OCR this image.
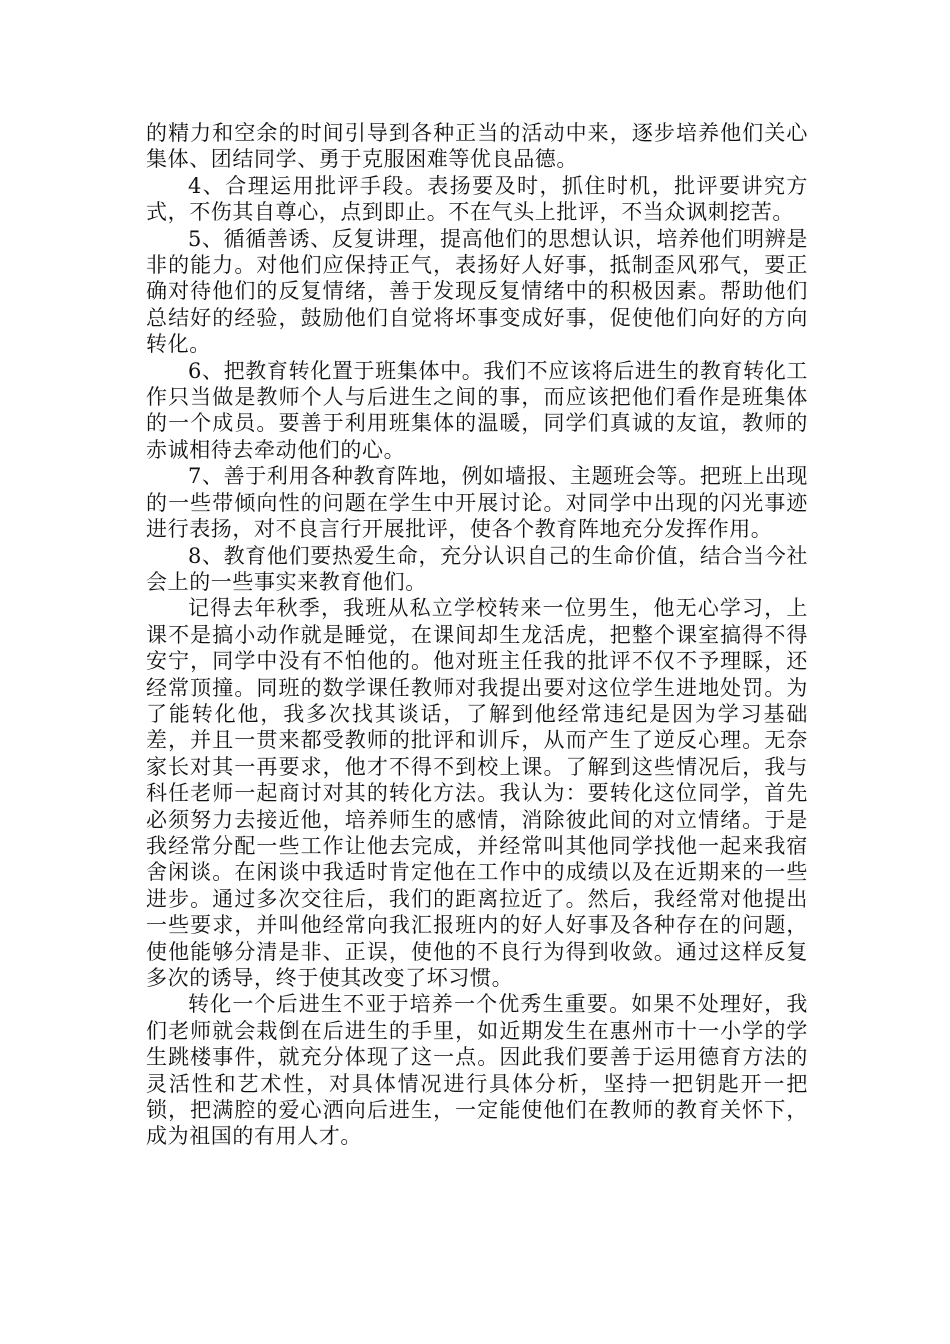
的精力和空余的时间引导到各种正当的活动中来，逐步培养他们关心集体、团结同学、勇于克服困难等优良品德。

4、合理运用批评手段。表扬要及时，抓住时机，批评要讲究方式，不伤其自尊心，点到即止。不在气头上批评，不当众讽刺挖苦。

5、循循善诱、反复讲理，提高他们的思想认识，培养他们明辨是非的能力。对他们应保持正气，表扬好人好事，抵制歪风邪气，要正确对待他们的反复情绪，善于发现反复情绪中的积极因素。帮助他们总结好的经验，鼓励他们自觉将坏事变成好事，促使他们向好的方向转化。

6、把教育转化置于班集体中。我们不应该将后进生的教育转化工作只当做是教师个人与后进生之间的事，而应该把他们看作是班集体的一个成员。要善于利用班集体的温暖，同学们真诚的友谊，教师的赤诚相待去牵动他们的心。

7、善于利用各种教育阵地，例如墙报、主题班会等。把班上出现的一些带倾向性的问题在学生中开展讨论。对同学中出现的闪光事迹进行表扬，对不良言行开展批评，使各个教育阵地充分发挥作用。

8、教育他们要热爱生命，充分认识自己的生命价值，结合当今社会上的一些事实来教育他们。

记得去年秋季，我班从私立学校转来一位男生，他无心学习，上课不是搞小动作就是睡觉，在课间却生龙活虎，把整个课室搞得不得安宁，同学中没有不怕他的。他对班主任我的批评不仅不予理睬，还经常顶撞。同班的数学课任教师对我提出要对这位学生进地处罚。为了能转化他，我多次找其谈话，了解到他经常违纪是因为学习基础差，并且一贯来都受教师的批评和训斥，从而产生了逆反心理。无奈家长对其一再要求，他才不得不到校上课。了解到这些情况后，我与科任老师一起商讨对其的转化方法。我认为：要转化这位同学，首先必须努力去接近他，培养师生的感情，消除彼此间的对立情绪。于是我经常分配一些工作让他去完成，并经常叫其他同学找他一起来我宿舍闲谈。在闲谈中我适时肯定他在工作中的成绩以及在近期来的一些进步。通过多次交往后，我们的距离拉近了。然后，我经常对他提出一些要求，并叫他经常向我汇报班内的好人好事及各种存在的问题，使他能够分清是非、正误，使他的不良行为得到收敛。通过这样反复多次的诱导，终于使其改变了坏习惯。

转化一个后进生不亚于培养一个优秀生重要。如果不处理好，我们老师就会栽倒在后进生的手里，如近期发生在惠州市十一小学的学生跳楼事件，就充分体现了这一点。因此我们要善于运用德育方法的灵活性和艺术性，对具体情况进行具体分析，坚持一把钥匙开一把锁，把满腔的爱心洒向后进生，一定能使他们在教师的教育关怀下，成为祖国的有用人才。
